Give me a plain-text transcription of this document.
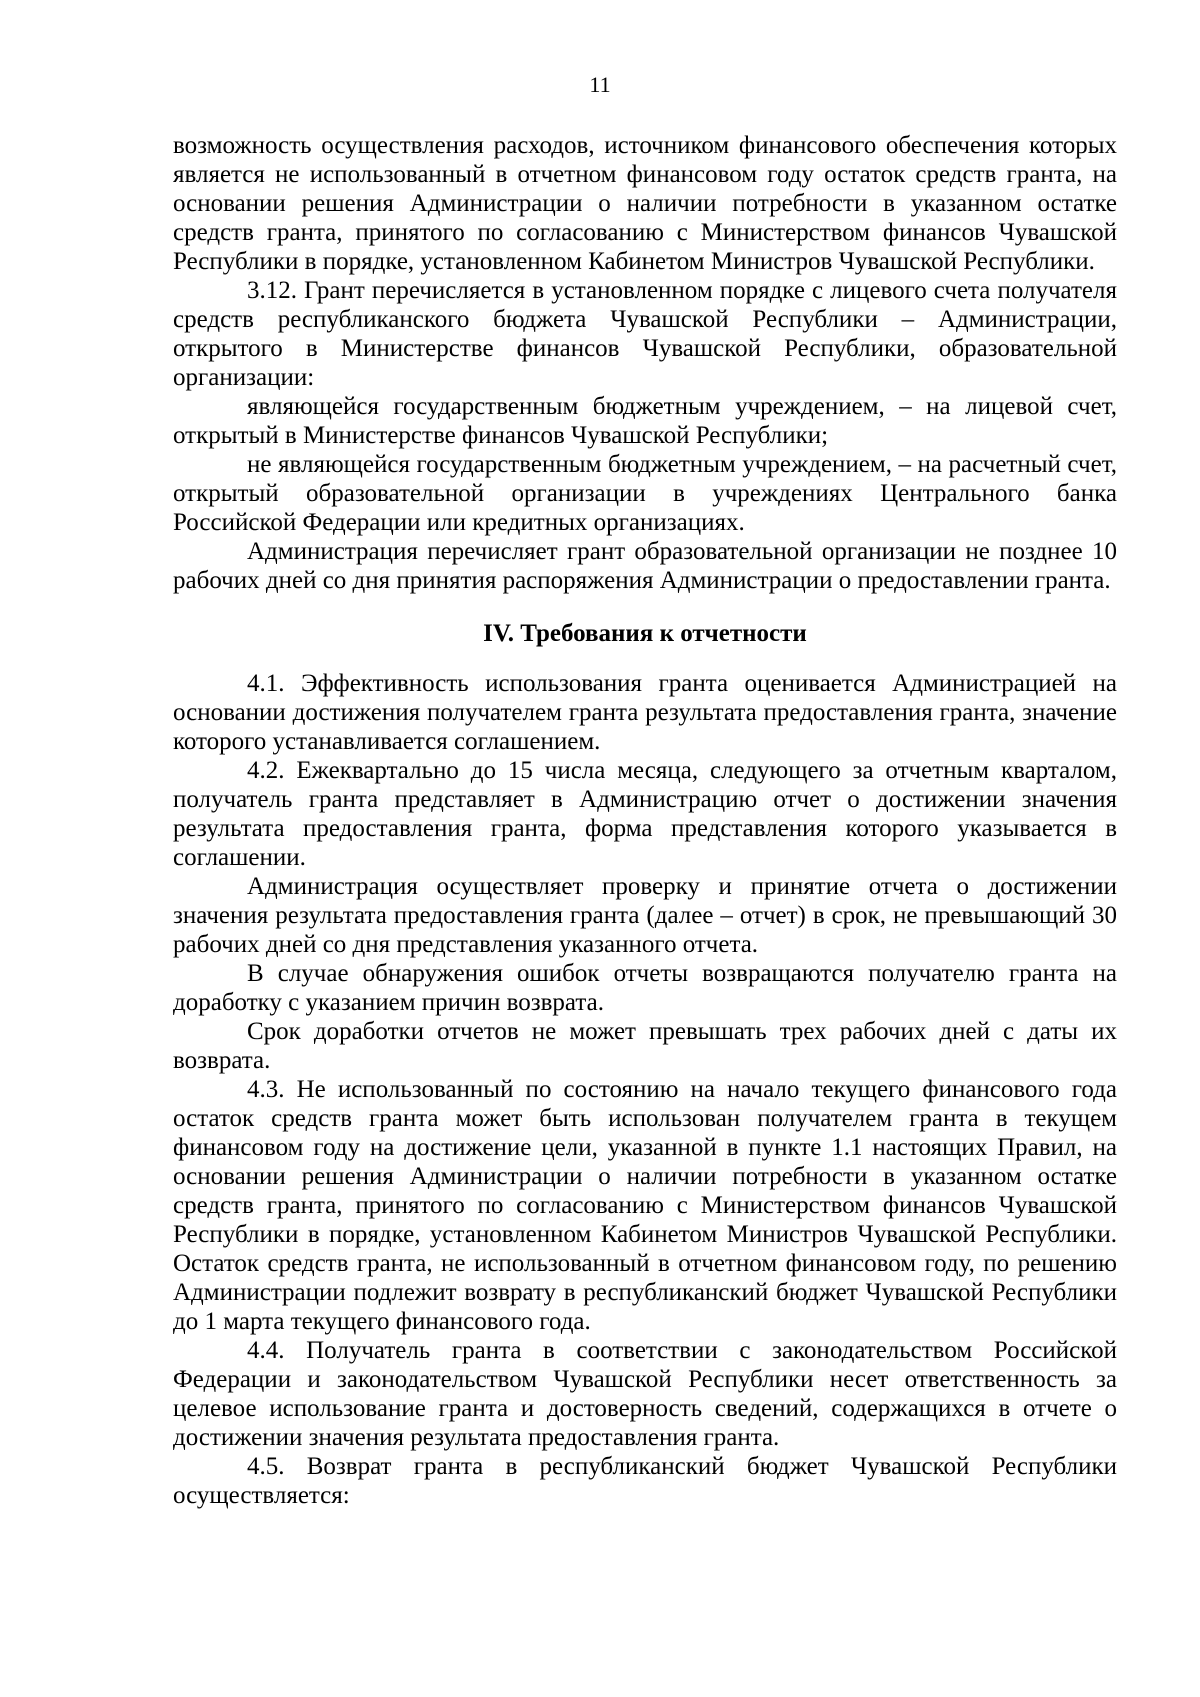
11

возможность осуществления расходов, источником финансового обеспечения которых является не использованный в отчетном финансовом году остаток средств гранта, на основании решения Администрации о наличии потребности в указанном остатке средств гранта, принятого по согласованию с Министерством финансов Чувашской Республики в порядке, установленном Кабинетом Министров Чувашской Республики.

3.12. Грант перечисляется в установленном порядке с лицевого счета получателя средств республиканского бюджета Чувашской Республики – Администрации, открытого в Министерстве финансов Чувашской Республики, образовательной организации:

являющейся государственным бюджетным учреждением, – на лицевой счет, открытый в Министерстве финансов Чувашской Республики;

не являющейся государственным бюджетным учреждением, – на расчетный счет, открытый образовательной организации в учреждениях Центрального банка Российской Федерации или кредитных организациях.

Администрация перечисляет грант образовательной организации не позднее 10 рабочих дней со дня принятия распоряжения Администрации о предоставлении гранта.

IV. Требования к отчетности

4.1. Эффективность использования гранта оценивается Администрацией на основании достижения получателем гранта результата предоставления гранта, значение которого устанавливается соглашением.

4.2. Ежеквартально до 15 числа месяца, следующего за отчетным кварталом, получатель гранта представляет в Администрацию отчет о достижении значения результата предоставления гранта, форма представления которого указывается в соглашении.

Администрация осуществляет проверку и принятие отчета о достижении значения результата предоставления гранта (далее – отчет) в срок, не превышающий 30 рабочих дней со дня представления указанного отчета.

В случае обнаружения ошибок отчеты возвращаются получателю гранта на доработку с указанием причин возврата.

Срок доработки отчетов не может превышать трех рабочих дней с даты их возврата.

4.3. Не использованный по состоянию на начало текущего финансового года остаток средств гранта может быть использован получателем гранта в текущем финансовом году на достижение цели, указанной в пункте 1.1 настоящих Правил, на основании решения Администрации о наличии потребности в указанном остатке средств гранта, принятого по согласованию с Министерством финансов Чувашской Республики в порядке, установленном Кабинетом Министров Чувашской Республики. Остаток средств гранта, не использованный в отчетном финансовом году, по решению Администрации подлежит возврату в республиканский бюджет Чувашской Республики до 1 марта текущего финансового года.

4.4. Получатель гранта в соответствии с законодательством Российской Федерации и законодательством Чувашской Республики несет ответственность за целевое использование гранта и достоверность сведений, содержащихся в отчете о достижении значения результата предоставления гранта.

4.5. Возврат гранта в республиканский бюджет Чувашской Республики осуществляется:
